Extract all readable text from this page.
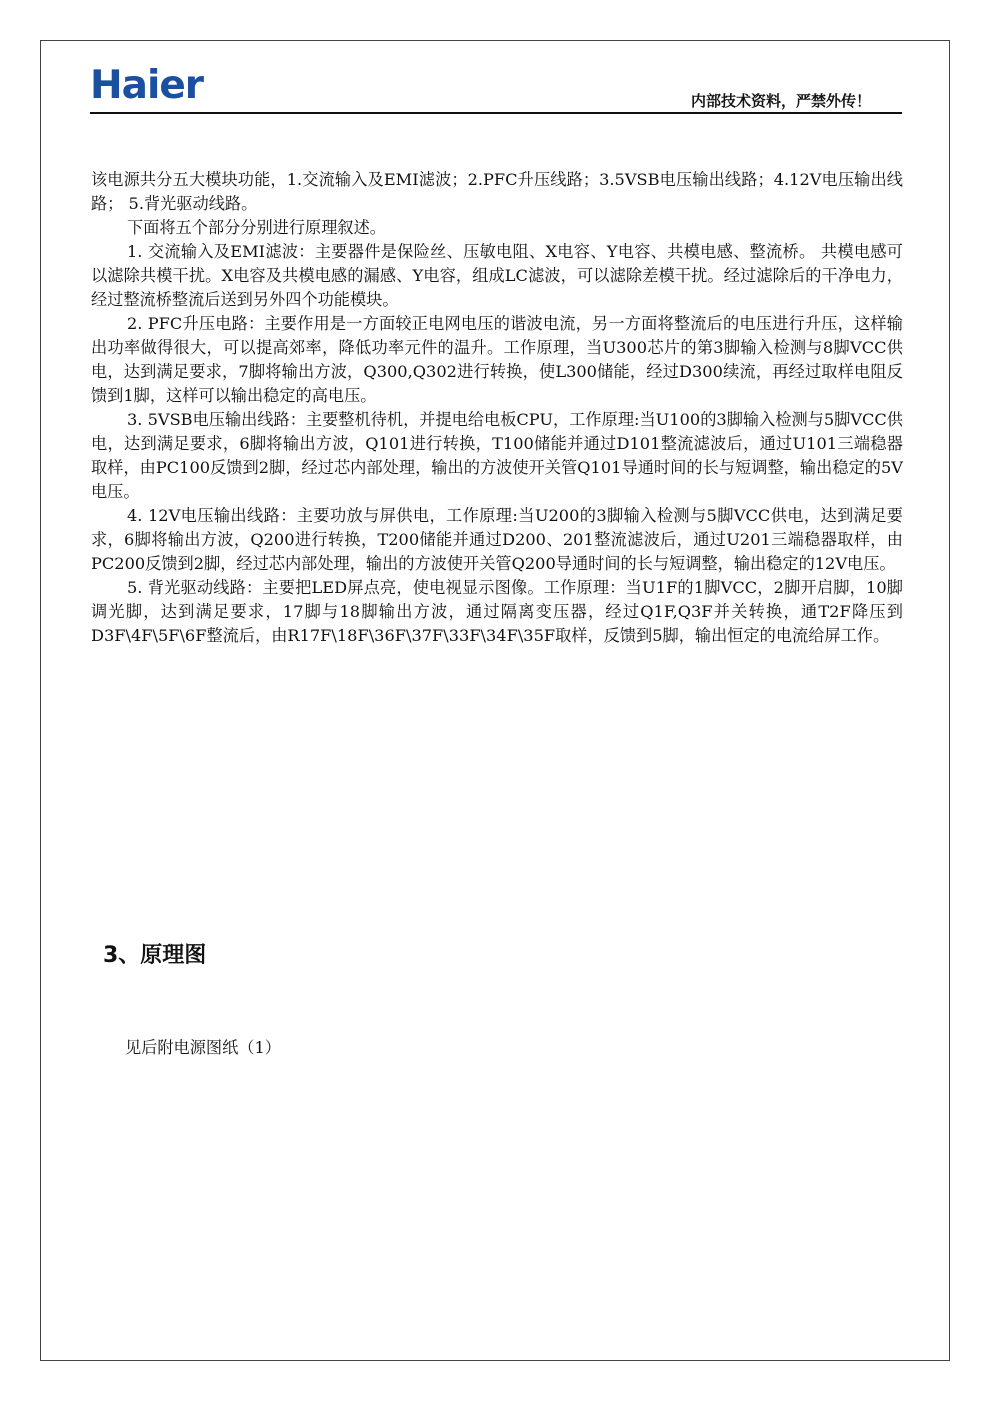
Haier	内部技术资料，严禁外传！

该电源共分五大模块功能，1.交流输入及EMI滤波；2.PFC升压线路；3.5VSB电压输出线路；4.12V电压输出线路； 5.背光驱动线路。

下面将五个部分分别进行原理叙述。

1. 交流输入及EMI滤波：主要器件是保险丝、压敏电阻、X电容、Y电容、共模电感、整流桥。 共模电感可以滤除共模干扰。X电容及共模电感的漏感、Y电容，组成LC滤波，可以滤除差模干扰。经过滤除后的干净电力，经过整流桥整流后送到另外四个功能模块。

2. PFC升压电路：主要作用是一方面较正电网电压的谐波电流，另一方面将整流后的电压进行升压，这样输出功率做得很大，可以提高郊率，降低功率元件的温升。工作原理，当U300芯片的第3脚输入检测与8脚VCC供电，达到满足要求，7脚将输出方波，Q300,Q302进行转换，使L300储能，经过D300续流，再经过取样电阻反馈到1脚，这样可以输出稳定的高电压。

3. 5VSB电压输出线路：主要整机待机，并提电给电板CPU，工作原理:当U100的3脚输入检测与5脚VCC供电，达到满足要求，6脚将输出方波，Q101进行转换，T100储能并通过D101整流滤波后，通过U101三端稳器取样，由PC100反馈到2脚，经过芯内部处理，输出的方波使开关管Q101导通时间的长与短调整，输出稳定的5V电压。

4. 12V电压输出线路：主要功放与屏供电，工作原理:当U200的3脚输入检测与5脚VCC供电，达到满足要求，6脚将输出方波，Q200进行转换，T200储能并通过D200、201整流滤波后，通过U201三端稳器取样，由PC200反馈到2脚，经过芯内部处理，输出的方波使开关管Q200导通时间的长与短调整，输出稳定的12V电压。

5. 背光驱动线路：主要把LED屏点亮，使电视显示图像。工作原理：当U1F的1脚VCC，2脚开启脚，10脚调光脚，达到满足要求，17脚与18脚输出方波，通过隔离变压器，经过Q1F,Q3F并关转换，通T2F降压到D3F\4F\5F\6F整流后，由R17F\18F\36F\37F\33F\34F\35F取样，反馈到5脚，输出恒定的电流给屏工作。

3、原理图

见后附电源图纸（1）
